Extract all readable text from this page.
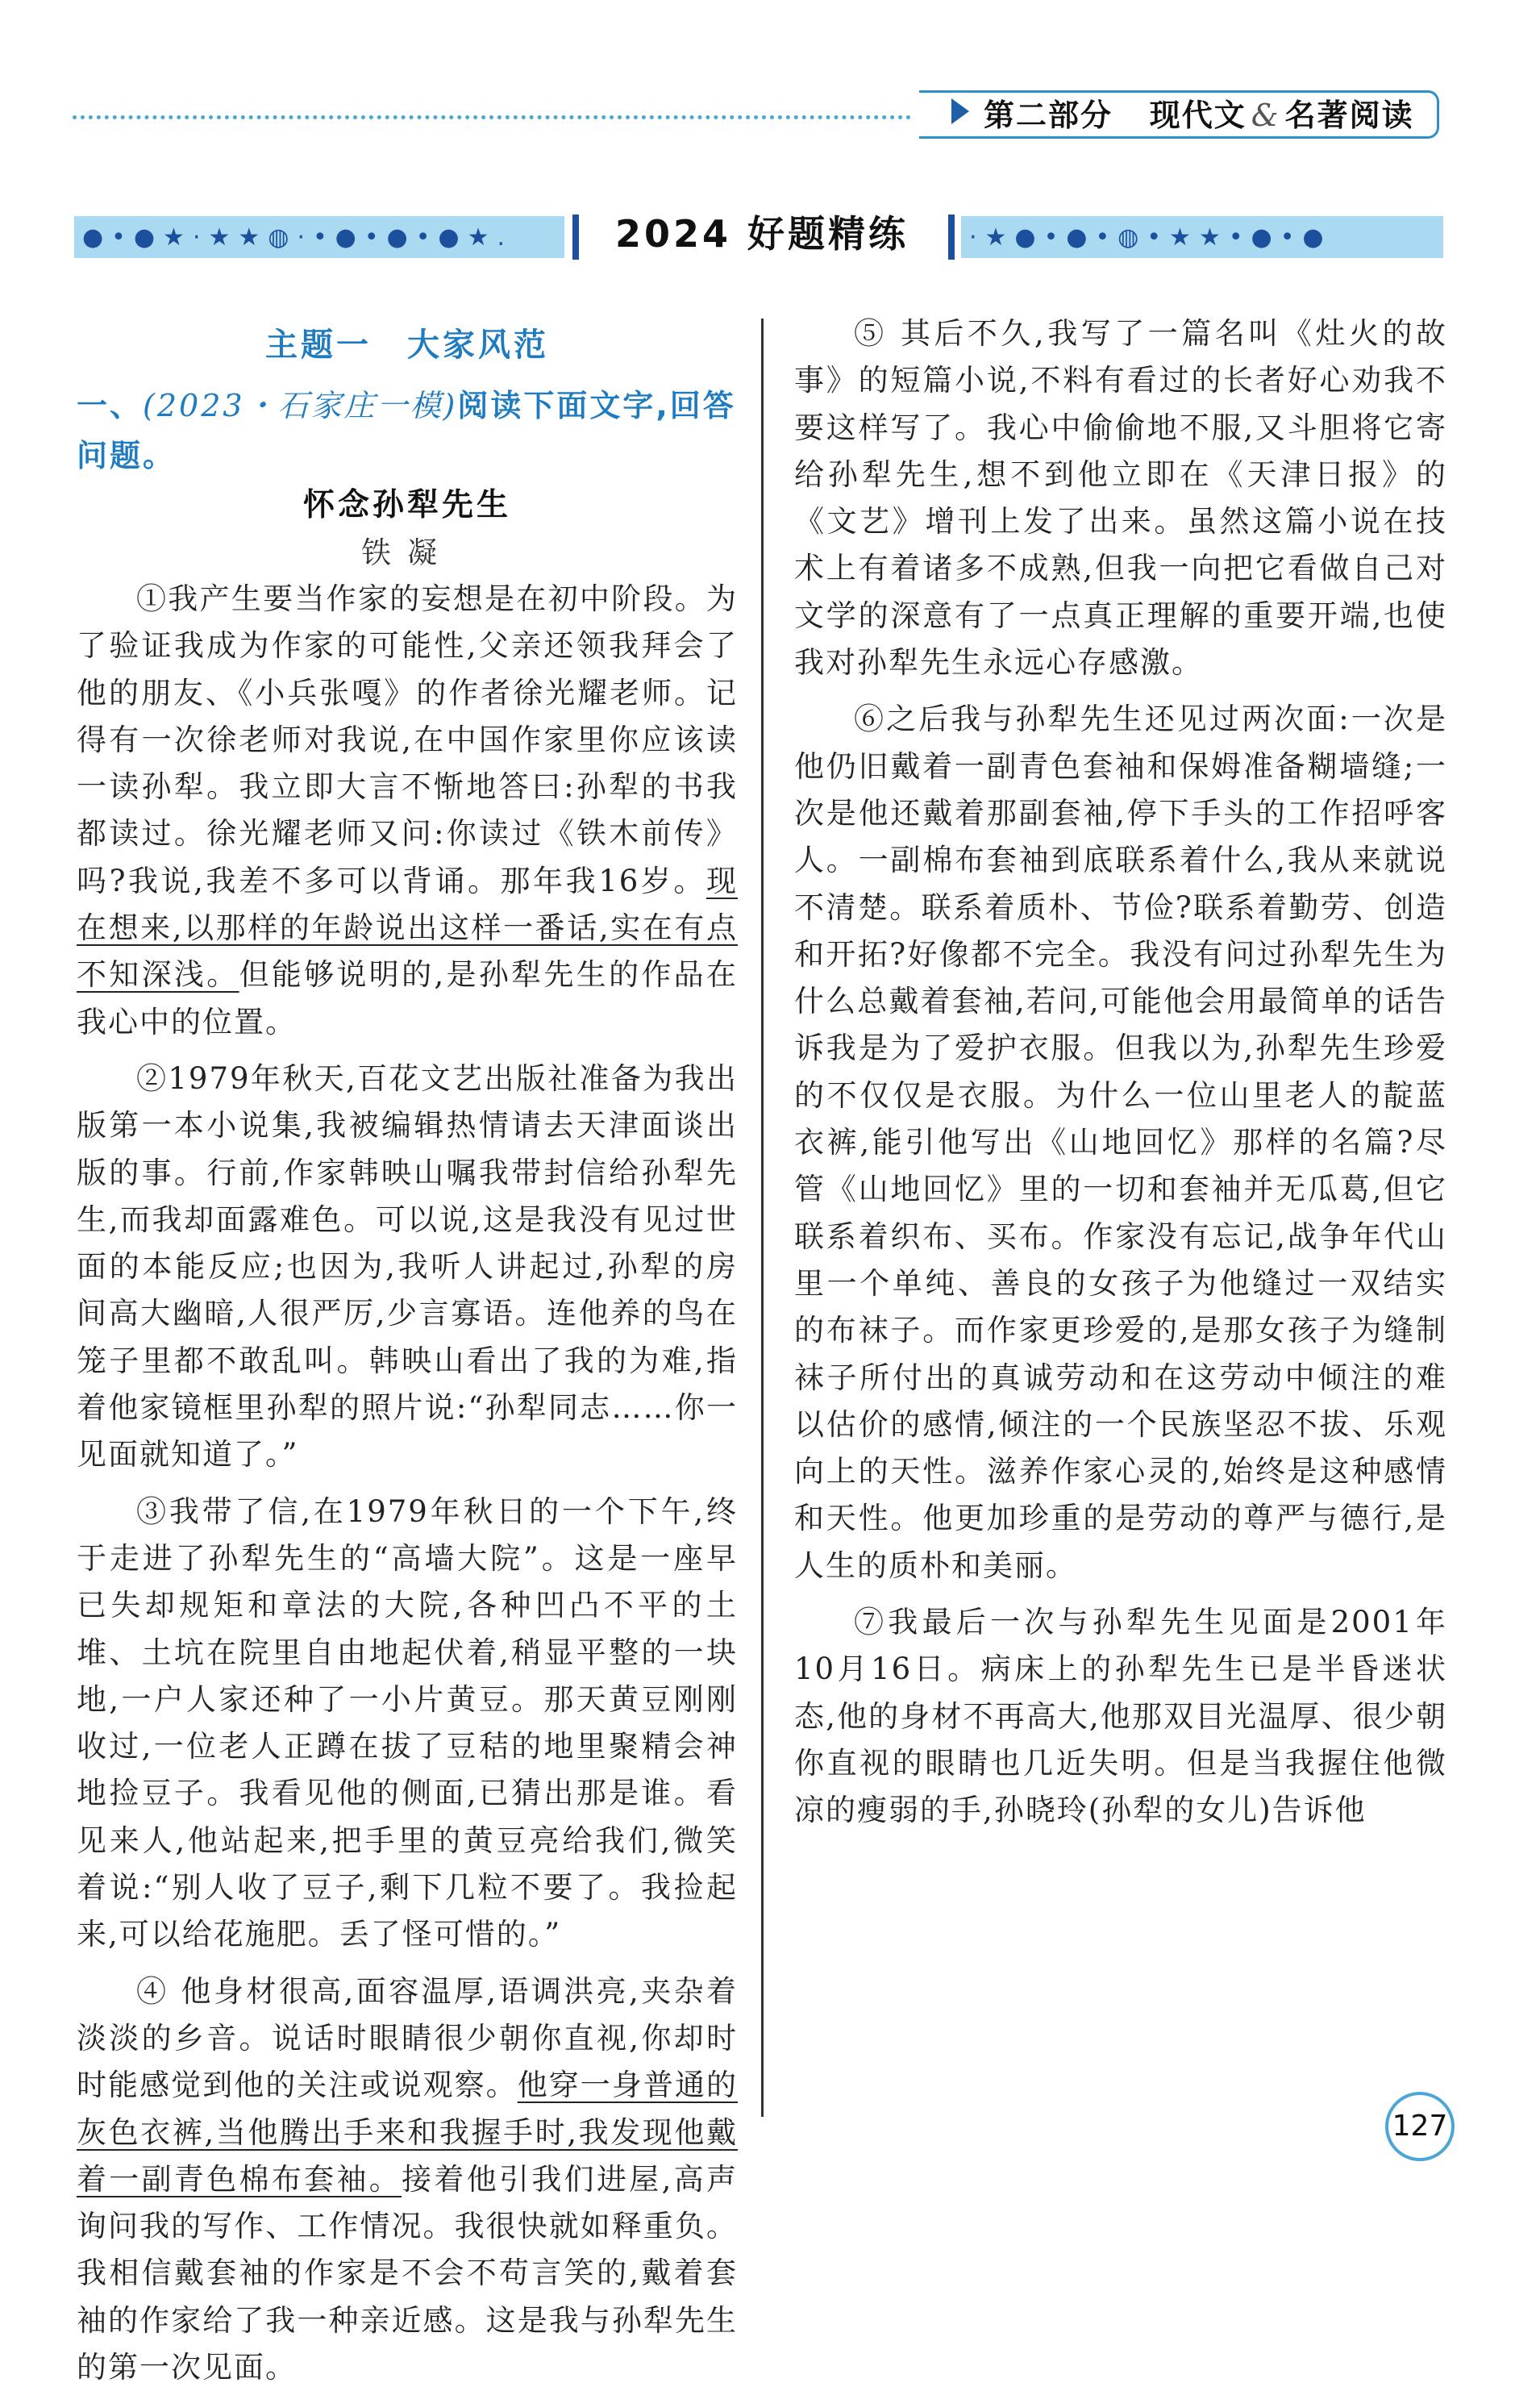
第二部分 现代文 & 名著阅读
●•●★·★★◍·•●•●•●★.	2024 好题精练	·★●•●•◍•★★•●•●

主题一　大家风范

一、(2023・石家庄一模)阅读下面文字,回答问题。

怀念孙犁先生

铁凝

①我产生要当作家的妄想是在初中阶段。为了验证我成为作家的可能性,父亲还领我拜会了他的朋友、《小兵张嘎》的作者徐光耀老师。记得有一次徐老师对我说,在中国作家里你应该读一读孙犁。我立即大言不惭地答曰:孙犁的书我都读过。徐光耀老师又问:你读过《铁木前传》吗?我说,我差不多可以背诵。那年我16岁。现在想来,以那样的年龄说出这样一番话,实在有点不知深浅。但能够说明的,是孙犁先生的作品在我心中的位置。

②1979年秋天,百花文艺出版社准备为我出版第一本小说集,我被编辑热情请去天津面谈出版的事。行前,作家韩映山嘱我带封信给孙犁先生,而我却面露难色。可以说,这是我没有见过世面的本能反应;也因为,我听人讲起过,孙犁的房间高大幽暗,人很严厉,少言寡语。连他养的鸟在笼子里都不敢乱叫。韩映山看出了我的为难,指着他家镜框里孙犁的照片说:“孙犁同志……你一见面就知道了。”

③我带了信,在1979年秋日的一个下午,终于走进了孙犁先生的“高墙大院”。这是一座早已失却规矩和章法的大院,各种凹凸不平的土堆、土坑在院里自由地起伏着,稍显平整的一块地,一户人家还种了一小片黄豆。那天黄豆刚刚收过,一位老人正蹲在拔了豆秸的地里聚精会神地捡豆子。我看见他的侧面,已猜出那是谁。看见来人,他站起来,把手里的黄豆亮给我们,微笑着说:“别人收了豆子,剩下几粒不要了。我捡起来,可以给花施肥。丢了怪可惜的。”

④ 他身材很高,面容温厚,语调洪亮,夹杂着淡淡的乡音。说话时眼睛很少朝你直视,你却时时能感觉到他的关注或说观察。他穿一身普通的灰色衣裤,当他腾出手来和我握手时,我发现他戴着一副青色棉布套袖。接着他引我们进屋,高声询问我的写作、工作情况。我很快就如释重负。我相信戴套袖的作家是不会不苟言笑的,戴着套袖的作家给了我一种亲近感。这是我与孙犁先生的第一次见面。

⑤ 其后不久,我写了一篇名叫《灶火的故事》的短篇小说,不料有看过的长者好心劝我不要这样写了。我心中偷偷地不服,又斗胆将它寄给孙犁先生,想不到他立即在《天津日报》的《文艺》增刊上发了出来。虽然这篇小说在技术上有着诸多不成熟,但我一向把它看做自己对文学的深意有了一点真正理解的重要开端,也使我对孙犁先生永远心存感激。

⑥之后我与孙犁先生还见过两次面:一次是他仍旧戴着一副青色套袖和保姆准备糊墙缝;一次是他还戴着那副套袖,停下手头的工作招呼客人。一副棉布套袖到底联系着什么,我从来就说不清楚。联系着质朴、节俭?联系着勤劳、创造和开拓?好像都不完全。我没有问过孙犁先生为什么总戴着套袖,若问,可能他会用最简单的话告诉我是为了爱护衣服。但我以为,孙犁先生珍爱的不仅仅是衣服。为什么一位山里老人的靛蓝衣裤,能引他写出《山地回忆》那样的名篇?尽管《山地回忆》里的一切和套袖并无瓜葛,但它联系着织布、买布。作家没有忘记,战争年代山里一个单纯、善良的女孩子为他缝过一双结实的布袜子。而作家更珍爱的,是那女孩子为缝制袜子所付出的真诚劳动和在这劳动中倾注的难以估价的感情,倾注的一个民族坚忍不拔、乐观向上的天性。滋养作家心灵的,始终是这种感情和天性。他更加珍重的是劳动的尊严与德行,是人生的质朴和美丽。

⑦我最后一次与孙犁先生见面是2001年10月16日。病床上的孙犁先生已是半昏迷状态,他的身材不再高大,他那双目光温厚、很少朝你直视的眼睛也几近失明。但是当我握住他微凉的瘦弱的手,孙晓玲(孙犁的女儿)告诉他

127
